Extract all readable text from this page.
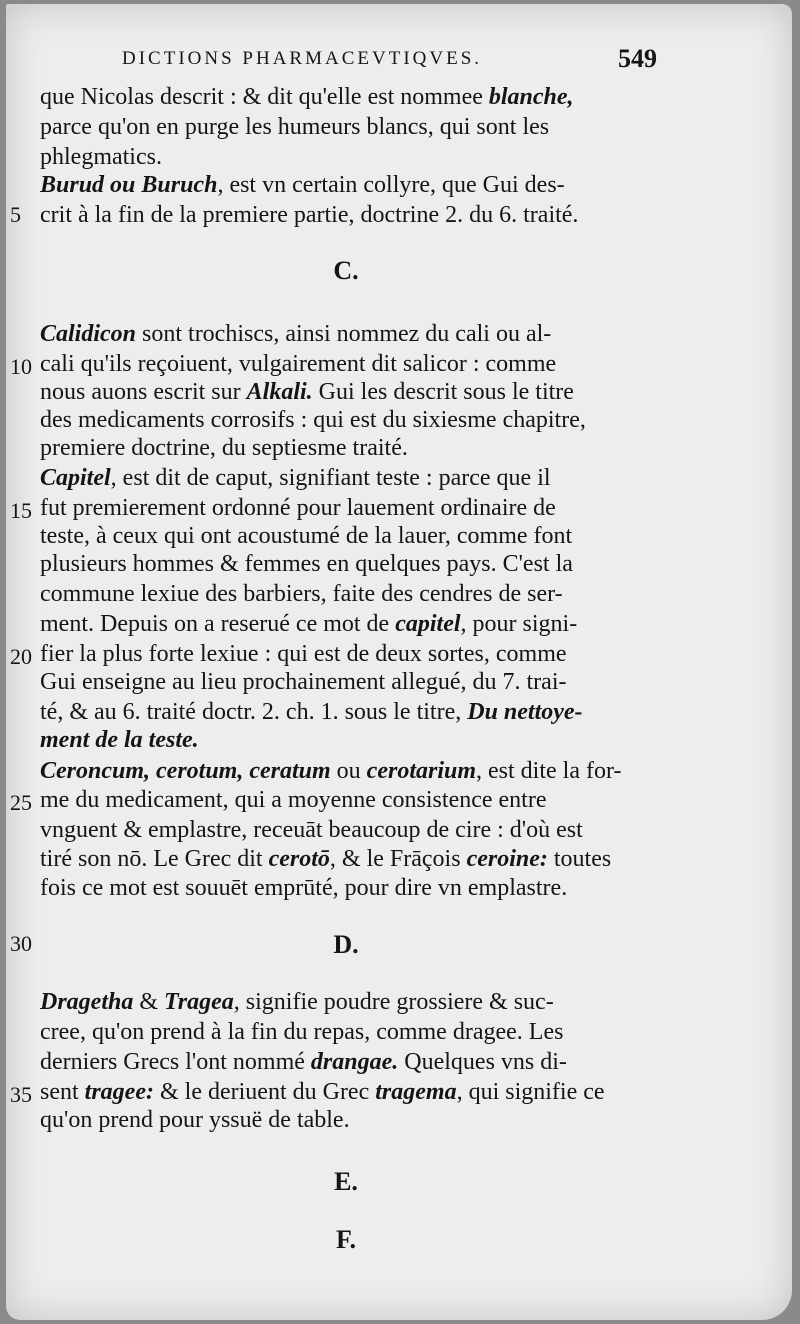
DICTIONS PHARMACEVTIQVES.	549
que Nicolas descrit : & dit qu'elle est nommee blanche,
parce qu'on en purge les humeurs blancs, qui sont les
phlegmatics.
Burud ou Buruch, est vn certain collyre, que Gui des-
5 crit à la fin de la premiere partie, doctrine 2. du 6. traité.
C.
Calidicon sont trochiscs, ainsi nommez du cali ou al-
10 cali qu'ils reçoiuent, vulgairement dit salicor : comme
nous auons escrit sur Alkali. Gui les descrit sous le titre
des medicaments corrosifs : qui est du sixiesme chapitre,
premiere doctrine, du septiesme traité.
Capitel, est dit de caput, signifiant teste : parce que il
15 fut premierement ordonné pour lauement ordinaire de
teste, à ceux qui ont acoustumé de la lauer, comme font
plusieurs hommes & femmes en quelques pays. C'est la
commune lexiue des barbiers, faite des cendres de ser-
ment. Depuis on a reserué ce mot de capitel, pour signi-
20 fier la plus forte lexiue : qui est de deux sortes, comme
Gui enseigne au lieu prochainement allegué, du 7. trai-
té, & au 6. traité doctr. 2. ch. 1. sous le titre, Du nettoye-
ment de la teste.
Ceroncum, cerotum, ceratum ou cerotarium, est dite la for-
25 me du medicament, qui a moyenne consistence entre
vnguent & emplastre, receuāt beaucoup de cire : d'où est
tiré son nō. Le Grec dit cerotō, & le Frāçois ceroine: toutes
fois ce mot est souuēt emprūté, pour dire vn emplastre.
30	D.
Dragetha & Tragea, signifie poudre grossiere & suc-
cree, qu'on prend à la fin du repas, comme dragee. Les
derniers Grecs l'ont nommé drangae. Quelques vns di-
35 sent tragee: & le deriuent du Grec tragema, qui signifie ce
qu'on prend pour yssuë de table.
E.
F.
